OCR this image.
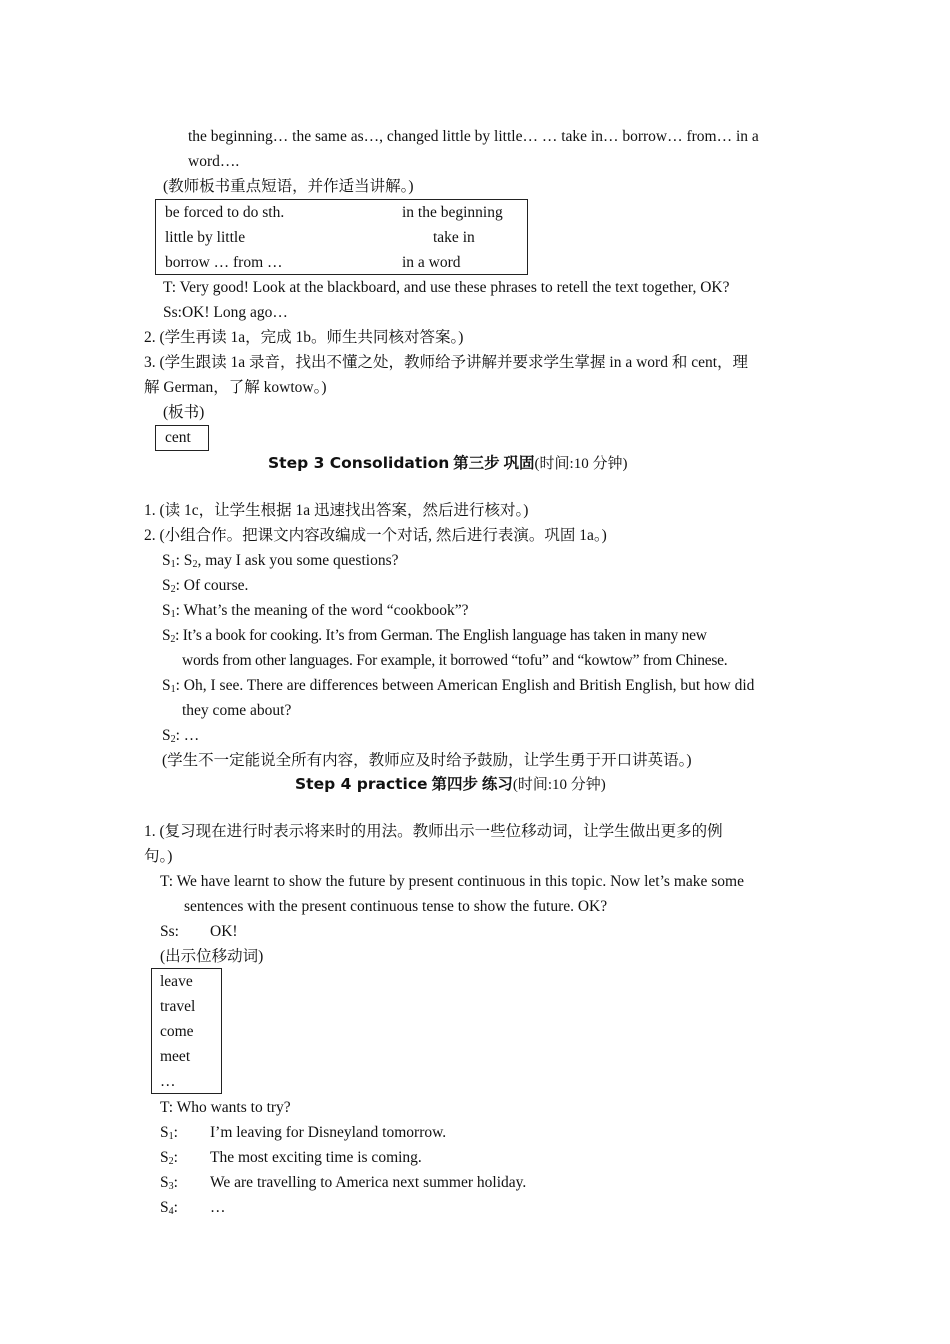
the beginning… the same as…, changed little by little… … take in… borrow… from… in a
word….
(教师板书重点短语，并作适当讲解。)
be forced to do sth.	in the beginning
little by little	take in
borrow … from …	in a word
T: Very good! Look at the blackboard, and use these phrases to retell the text together, OK?
Ss:OK! Long ago…
2. (学生再读 1a，完成 1b。师生共同核对答案。)
3. (学生跟读 1a 录音，找出不懂之处，教师给予讲解并要求学生掌握 in a word 和 cent，理
解 German，了解 kowtow。)
(板书)
cent
Step 3 Consolidation 第三步 巩固(时间:10 分钟)
1. (读 1c，让学生根据 1a 迅速找出答案，然后进行核对。)
2. (小组合作。把课文内容改编成一个对话, 然后进行表演。巩固 1a。)
$S_1$: $S_2$, may I ask you some questions?
$S_2$: Of course.
$S_1$: What’s the meaning of the word “cookbook”?
$S_2$: It’s a book for cooking. It’s from German. The English language has taken in many new
words from other languages. For example, it borrowed “tofu” and “kowtow” from Chinese.
$S_1$: Oh, I see. There are differences between American English and British English, but how did
they come about?
$S_2$: …
(学生不一定能说全所有内容，教师应及时给予鼓励，让学生勇于开口讲英语。)
Step 4 practice 第四步 练习(时间:10 分钟)
1. (复习现在进行时表示将来时的用法。教师出示一些位移动词，让学生做出更多的例
句。)
T: We have learnt to show the future by present continuous in this topic. Now let’s make some
sentences with the present continuous tense to show the future. OK?
Ss: OK!
(出示位移动词)
leave
travel
come
meet
…
T: Who wants to try?
$S_1$: I’m leaving for Disneyland tomorrow.
$S_2$: The most exciting time is coming.
$S_3$: We are travelling to America next summer holiday.
$S_4$: …
